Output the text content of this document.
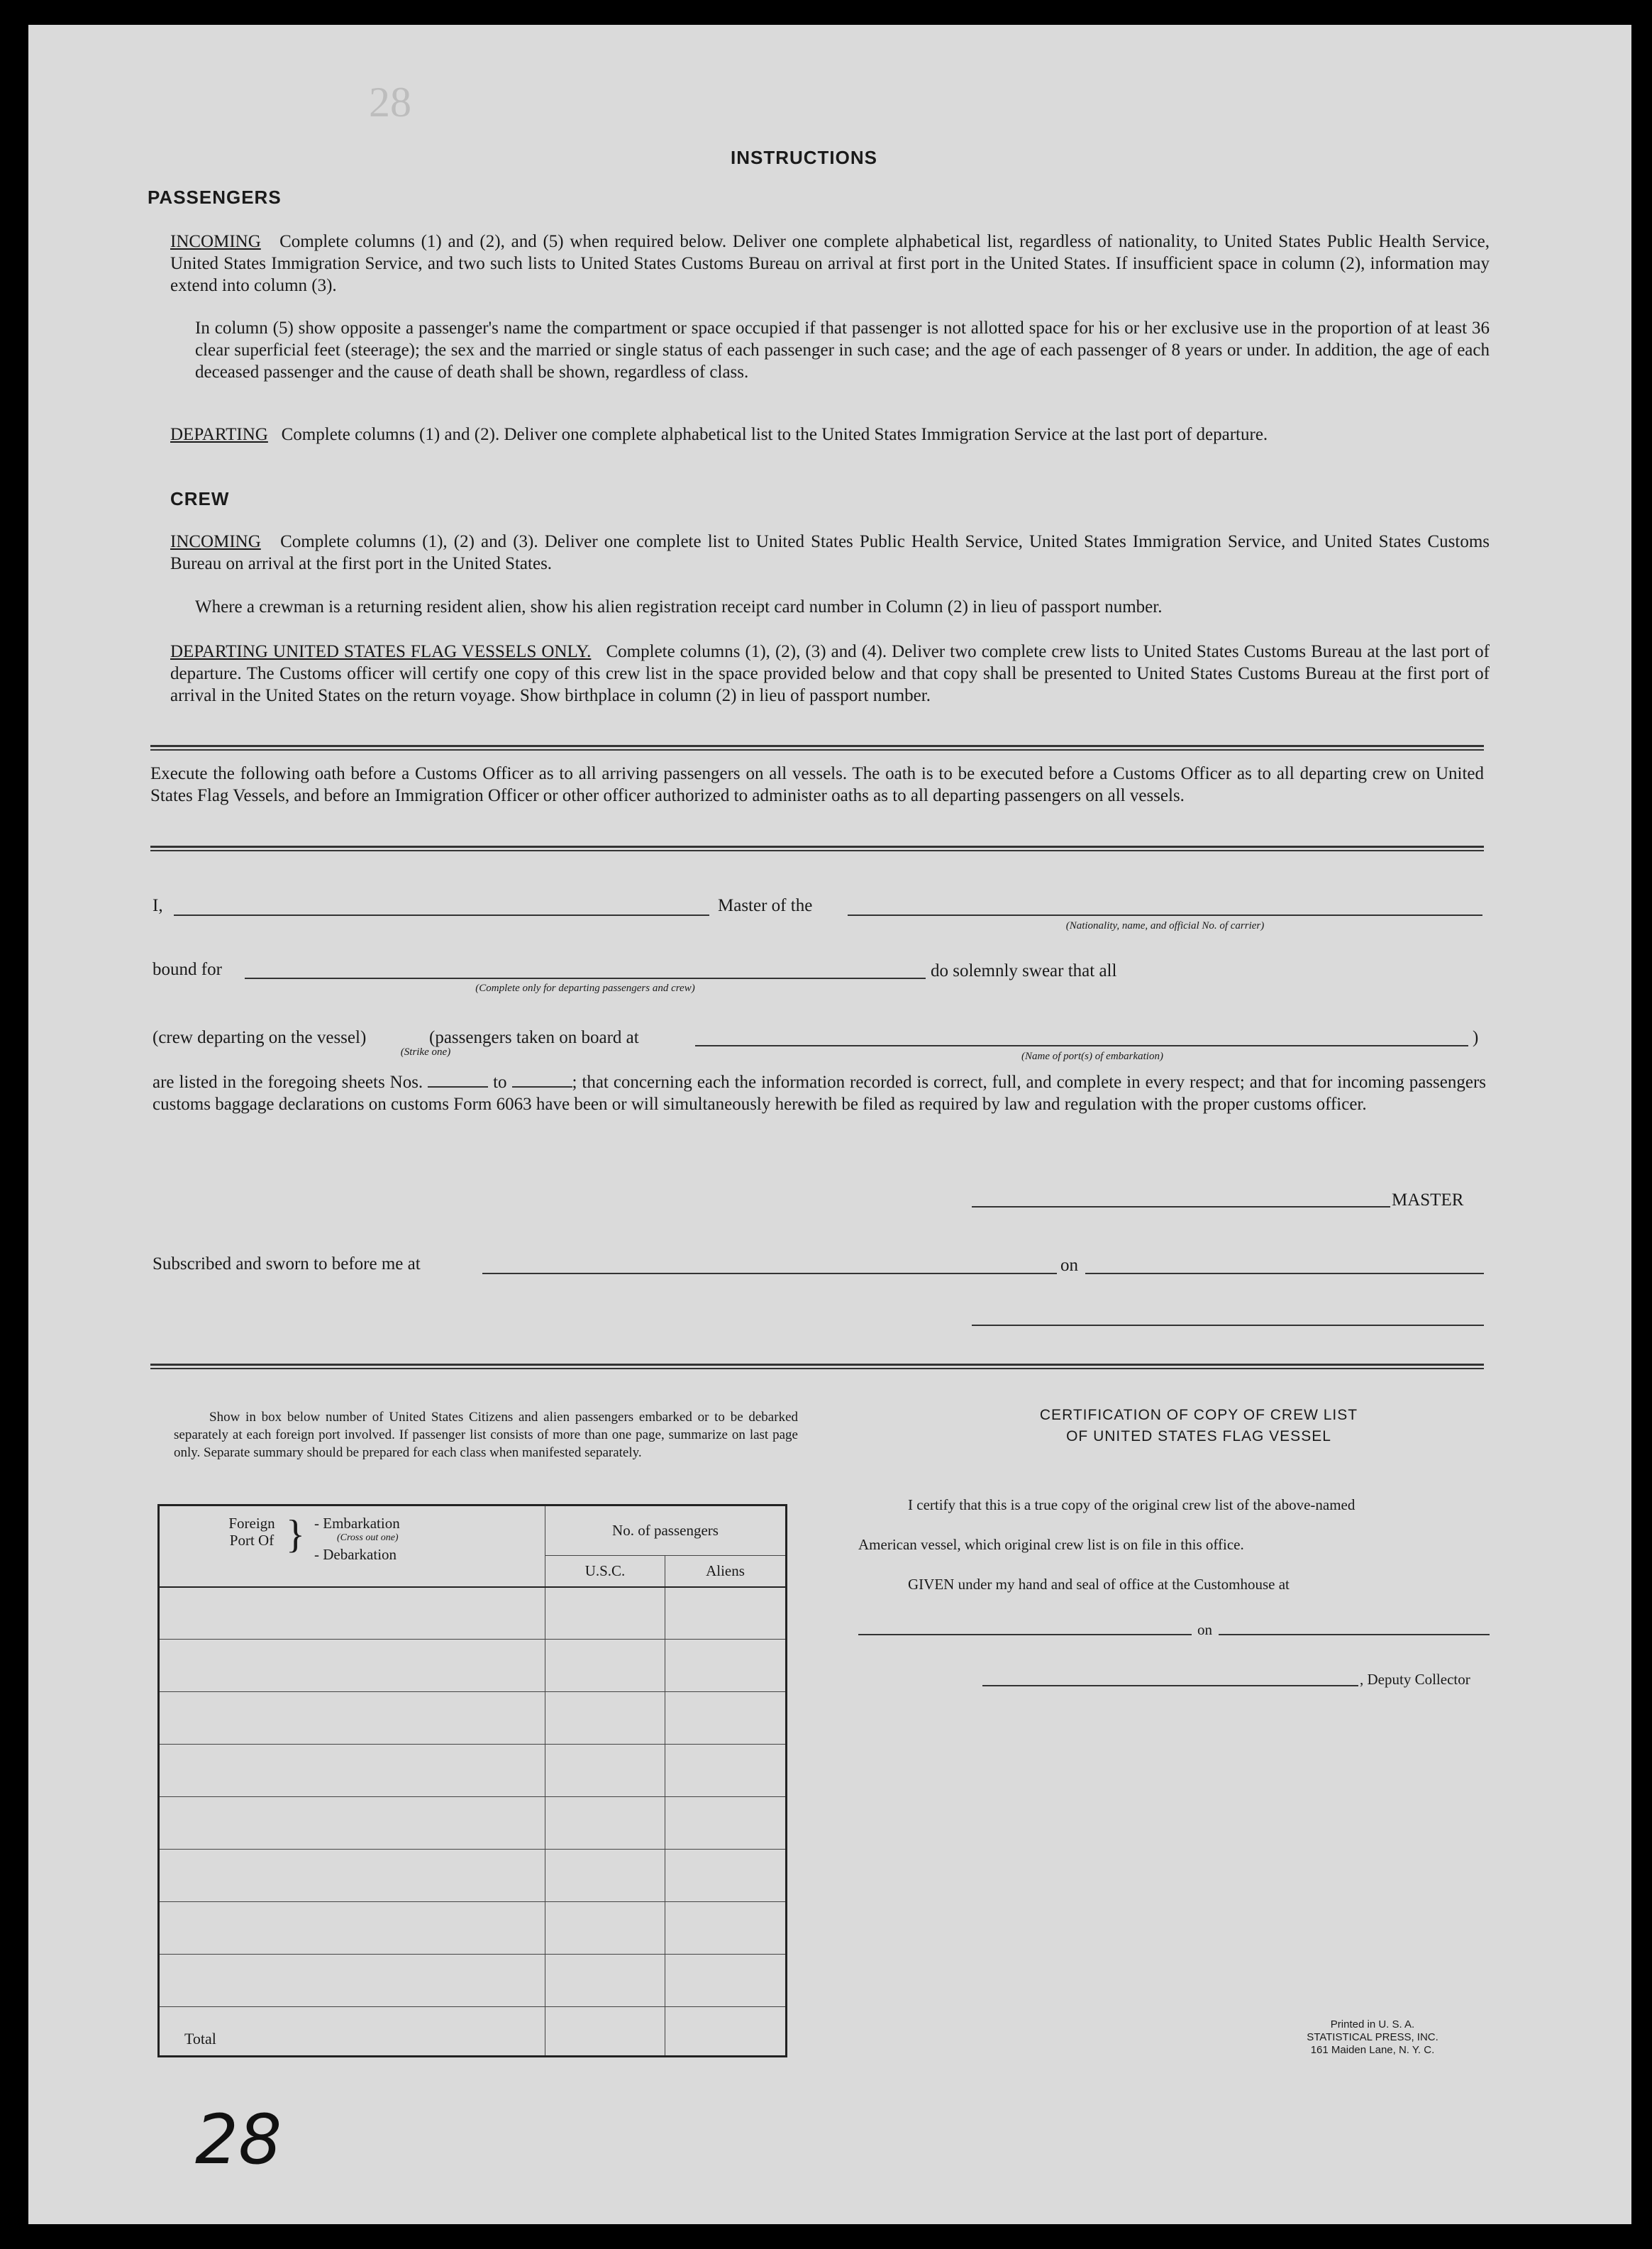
28
INSTRUCTIONS
PASSENGERS
INCOMING Complete columns (1) and (2), and (5) when required below. Deliver one complete alphabetical list, regardless of nationality, to United States Public Health Service, United States Immigration Service, and two such lists to United States Customs Bureau on arrival at first port in the United States. If insufficient space in column (2), information may extend into column (3).
In column (5) show opposite a passenger's name the compartment or space occupied if that passenger is not allotted space for his or her exclusive use in the proportion of at least 36 clear superficial feet (steerage); the sex and the married or single status of each passenger in such case; and the age of each passenger of 8 years or under. In addition, the age of each deceased passenger and the cause of death shall be shown, regardless of class.
DEPARTING Complete columns (1) and (2). Deliver one complete alphabetical list to the United States Immigration Service at the last port of departure.
CREW
INCOMING Complete columns (1), (2) and (3). Deliver one complete list to United States Public Health Service, United States Immigration Service, and United States Customs Bureau on arrival at the first port in the United States.
Where a crewman is a returning resident alien, show his alien registration receipt card number in Column (2) in lieu of passport number.
DEPARTING UNITED STATES FLAG VESSELS ONLY. Complete columns (1), (2), (3) and (4). Deliver two complete crew lists to United States Customs Bureau at the last port of departure. The Customs officer will certify one copy of this crew list in the space provided below and that copy shall be presented to United States Customs Bureau at the first port of arrival in the United States on the return voyage. Show birthplace in column (2) in lieu of passport number.
Execute the following oath before a Customs Officer as to all arriving passengers on all vessels. The oath is to be executed before a Customs Officer as to all departing crew on United States Flag Vessels, and before an Immigration Officer or other officer authorized to administer oaths as to all departing passengers on all vessels.
I,	Master of the
(Nationality, name, and official No. of carrier)
bound for
(Complete only for departing passengers and crew)
do solemnly swear that all
(crew departing on the vessel)	(passengers taken on board at
(Strike one)	(Name of port(s) of embarkation)
)
are listed in the foregoing sheets Nos.	to	; that concerning each the information recorded is correct, full, and complete in every respect; and that for incoming passengers customs baggage declarations on customs Form 6063 have been or will simultaneously herewith be filed as required by law and regulation with the proper customs officer.
MASTER
Subscribed and sworn to before me at	on
Show in box below number of United States Citizens and alien passengers embarked or to be debarked separately at each foreign port involved. If passenger list consists of more than one page, summarize on last page only. Separate summary should be prepared for each class when manifested separately.
Foreign Port Of } - Embarkation
(Cross out one)
- Debarkation	No. of passengers	
	U.S.C.	Aliens

Total		
CERTIFICATION OF COPY OF CREW LIST
OF UNITED STATES FLAG VESSEL
I certify that this is a true copy of the original crew list of the above-named
American vessel, which original crew list is on file in this office.
GIVEN under my hand and seal of office at the Customhouse at
on
, Deputy Collector
Printed in U. S. A.
STATISTICAL PRESS, INC.
161 Maiden Lane, N. Y. C.
28
